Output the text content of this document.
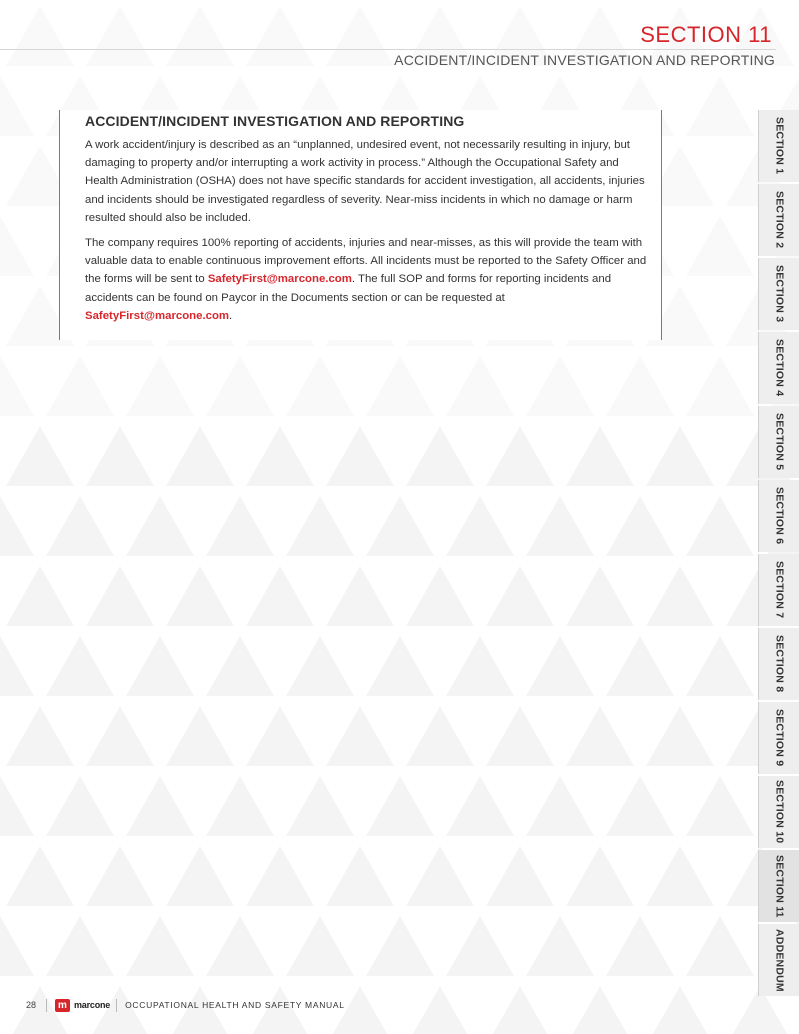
SECTION 11
ACCIDENT/INCIDENT INVESTIGATION AND REPORTING
ACCIDENT/INCIDENT INVESTIGATION AND REPORTING

A work accident/injury is described as an “unplanned, undesired event, not necessarily resulting in injury, but damaging to property and/or interrupting a work activity in process.” Although the Occupational Safety and Health Administration (OSHA) does not have specific standards for accident investigation, all accidents, injuries and incidents should be investigated regardless of severity. Near-miss incidents in which no damage or harm resulted should also be included.

The company requires 100% reporting of accidents, injuries and near-misses, as this will provide the team with valuable data to enable continuous improvement efforts. All incidents must be reported to the Safety Officer and the forms will be sent to SafetyFirst@marcone.com. The full SOP and forms for reporting incidents and accidents can be found on Paycor in the Documents section or can be requested at SafetyFirst@marcone.com.

SECTION 1
SECTION 2
SECTION 3
SECTION 4
SECTION 5
SECTION 6
SECTION 7
SECTION 8
SECTION 9
SECTION 10
SECTION 11
ADDENDUM
28	m marcone OCCUPATIONAL HEALTH AND SAFETY MANUAL
